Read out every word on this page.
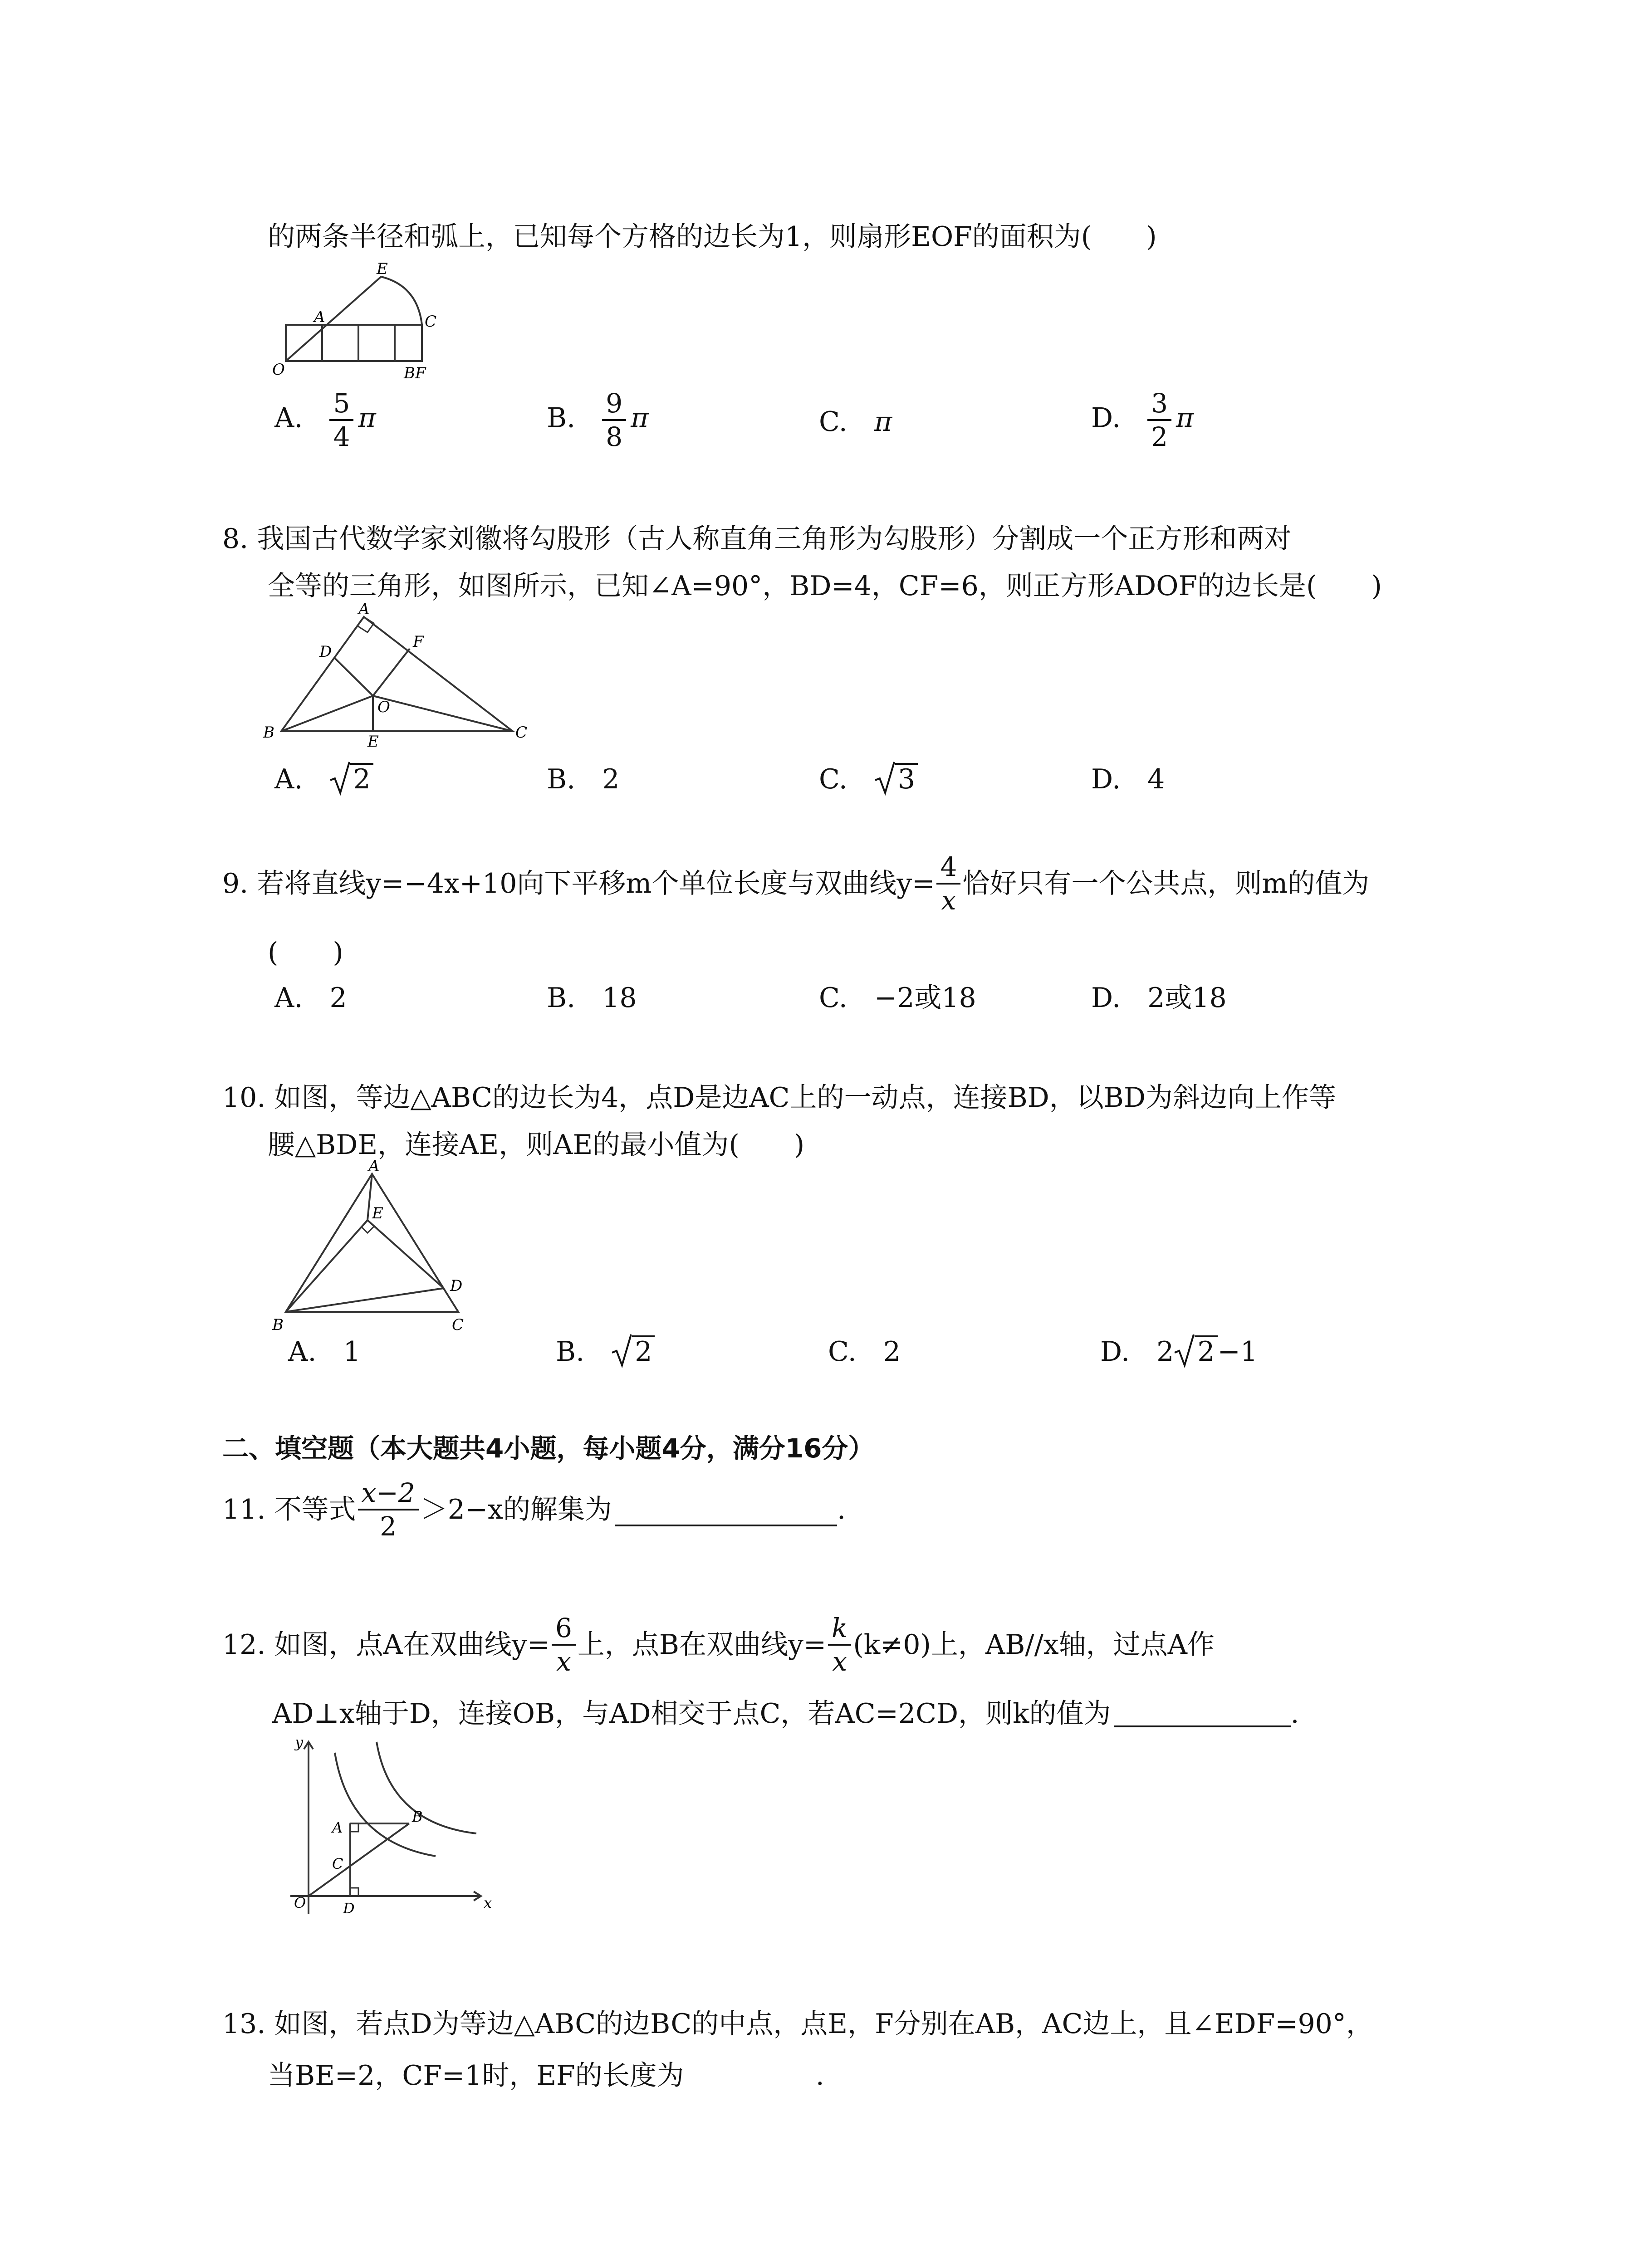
的两条半径和弧上，已知每个方格的边长为1，则扇形EOF的面积为(　　)
E
A	C
O	BF
A. $\frac{5}{4}$ π	B. $\frac{9}{8}$ π	C. π	D. $\frac{3}{2}$ π
8. 我国古代数学家刘徽将勾股形（古人称直角三角形为勾股形）分割成一个正方形和两对
全等的三角形，如图所示，已知∠A=90°，BD=4，CF=6，则正方形ADOF的边长是(　　)
A
D
F
O
B	E	C
A. 2	B. 2	C. 3	D. 4
9. 若将直线y=−4x+10向下平移m个单位长度与双曲线$y= \frac{4}{x}$ 恰好只有一个公共点，则m的值为
(　　)
A. 2	B. 18	C. −2或18	D. 2或18
10. 如图，等边△ABC的边长为4，点D是边AC上的一动点，连接BD，以BD为斜边向上作等
腰△BDE，连接AE，则AE的最小值为(　　)
A
E
D
B	C
A. 1	B. 2	C. 2	D. 2 2 −1
二、填空题（本大题共4小题，每小题4分，满分16分）
11. 不等式 $\frac{x-2}{2} >2-x$的解集为	.
12. 如图，点A在双曲线$y= \frac{6}{x}$ 上，点B在双曲线$y= \frac{k}{x} (k\ne 0)$上，AB//x轴，过点A作
AD⊥x轴于D，连接OB，与AD相交于点C，若AC=2CD，则k的值为	.
y
A
B
C
O	D	x
13. 如图，若点D为等边△ABC的边BC的中点，点E，F分别在AB，AC边上，且∠EDF=90°，
当BE=2，CF=1时，EF的长度为	.
